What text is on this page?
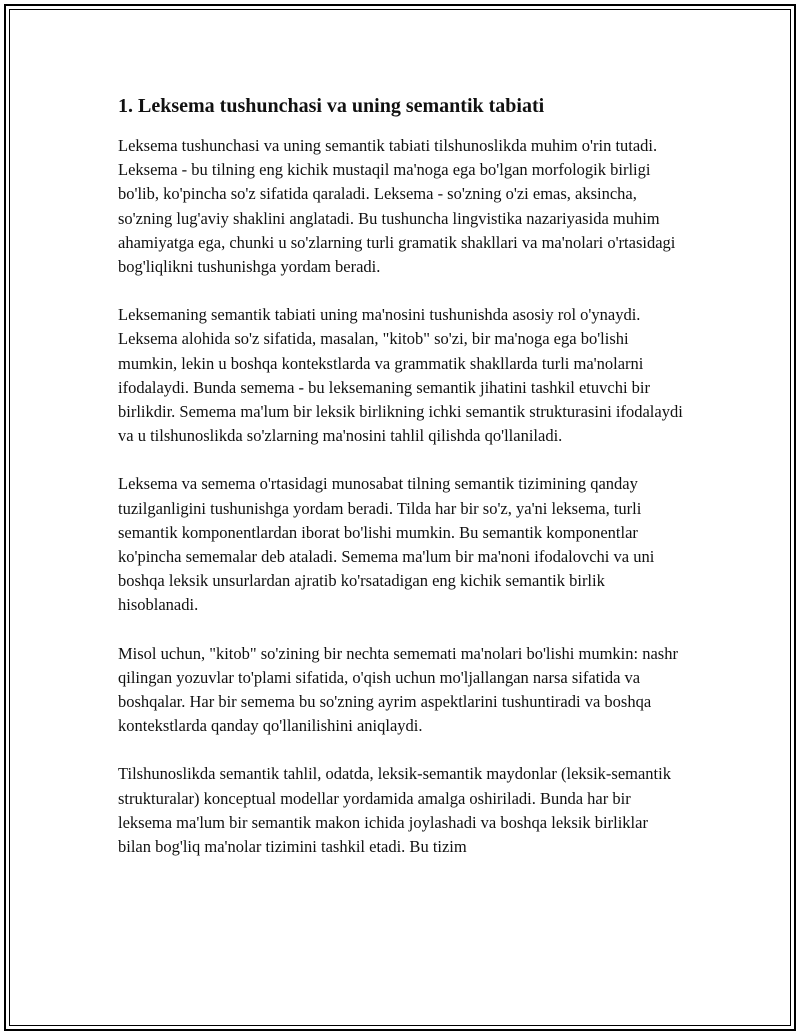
1. Leksema tushunchasi va uning semantik tabiati

Leksema tushunchasi va uning semantik tabiati tilshunoslikda muhim o'rin tutadi. Leksema - bu tilning eng kichik mustaqil ma'noga ega bo'lgan morfologik birligi bo'lib, ko'pincha so'z sifatida qaraladi. Leksema - so'zning o'zi emas, aksincha, so'zning lug'aviy shaklini anglatadi. Bu tushuncha lingvistika nazariyasida muhim ahamiyatga ega, chunki u so'zlarning turli gramatik shakllari va ma'nolari o'rtasidagi bog'liqlikni tushunishga yordam beradi.

Leksemaning semantik tabiati uning ma'nosini tushunishda asosiy rol o'ynaydi. Leksema alohida so'z sifatida, masalan, "kitob" so'zi, bir ma'noga ega bo'lishi mumkin, lekin u boshqa kontekstlarda va grammatik shakllarda turli ma'nolarni ifodalaydi. Bunda semema - bu leksemaning semantik jihatini tashkil etuvchi bir birlikdir. Semema ma'lum bir leksik birlikning ichki semantik strukturasini ifodalaydi va u tilshunoslikda so'zlarning ma'nosini tahlil qilishda qo'llaniladi.

Leksema va semema o'rtasidagi munosabat tilning semantik tizimining qanday tuzilganligini tushunishga yordam beradi. Tilda har bir so'z, ya'ni leksema, turli semantik komponentlardan iborat bo'lishi mumkin. Bu semantik komponentlar ko'pincha sememalar deb ataladi. Semema ma'lum bir ma'noni ifodalovchi va uni boshqa leksik unsurlardan ajratib ko'rsatadigan eng kichik semantik birlik hisoblanadi.

Misol uchun, "kitob" so'zining bir nechta sememati ma'nolari bo'lishi mumkin: nashr qilingan yozuvlar to'plami sifatida, o'qish uchun mo'ljallangan narsa sifatida va boshqalar. Har bir semema bu so'zning ayrim aspektlarini tushuntiradi va boshqa kontekstlarda qanday qo'llanilishini aniqlaydi.

Tilshunoslikda semantik tahlil, odatda, leksik-semantik maydonlar (leksik-semantik strukturalar) konceptual modellar yordamida amalga oshiriladi. Bunda har bir leksema ma'lum bir semantik makon ichida joylashadi va boshqa leksik birliklar bilan bog'liq ma'nolar tizimini tashkil etadi. Bu tizim
